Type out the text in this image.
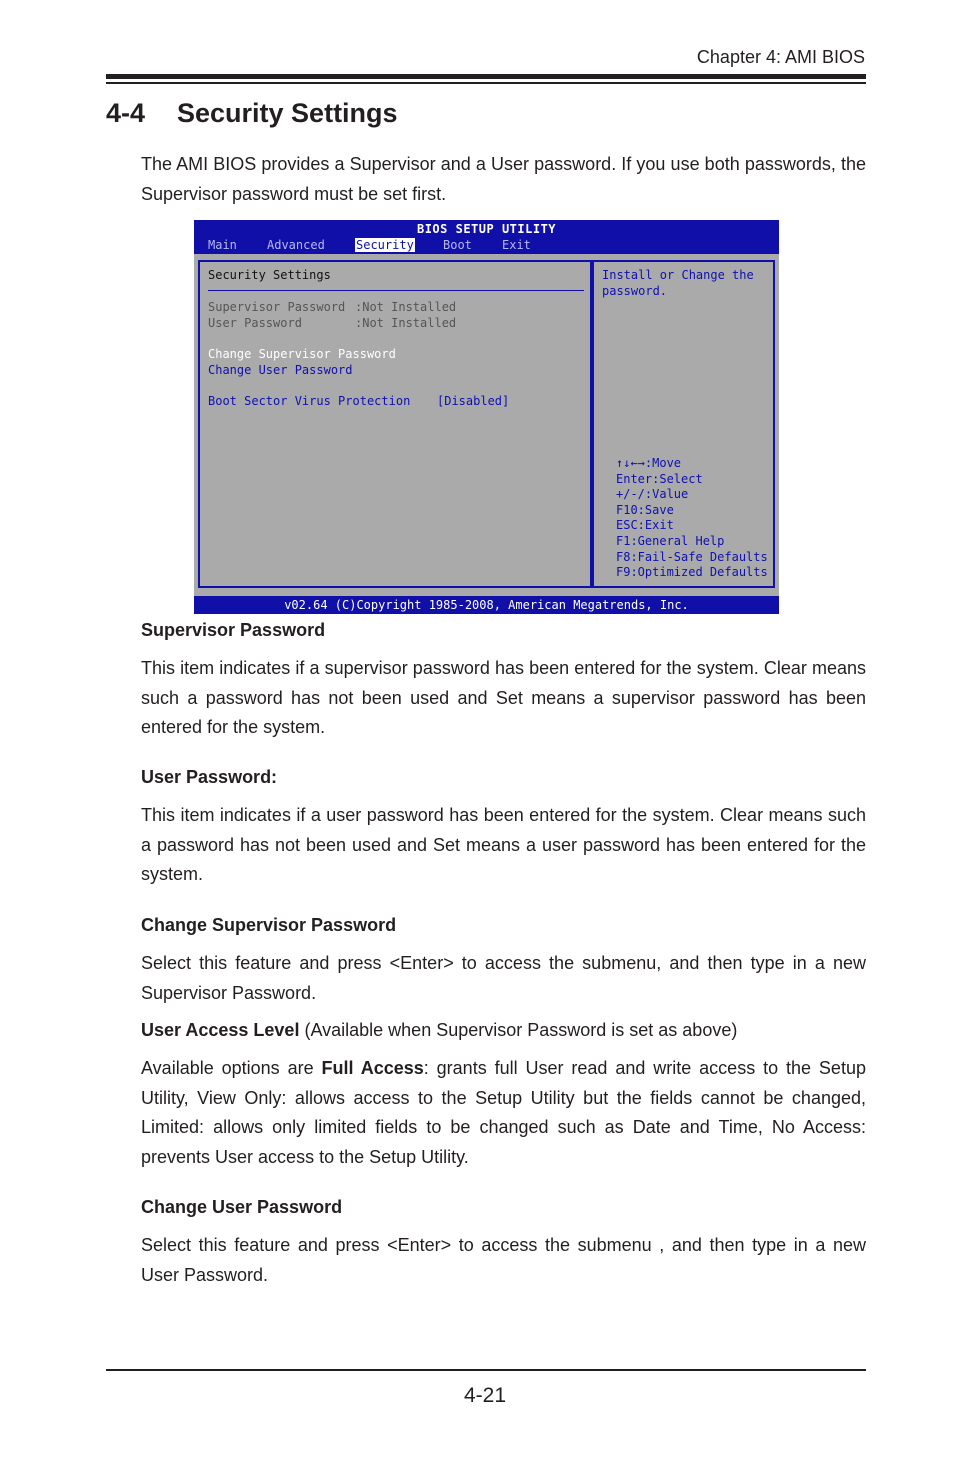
Chapter 4: AMI BIOS
4-4 Security Settings
The AMI BIOS provides a Supervisor and a User password. If you use both passwords, the Supervisor password must be set first.
BIOS SETUP UTILITY
Main	Advanced	Security Boot	Exit
Security Settings
Supervisor Password :Not Installed
User Password	:Not Installed
Change Supervisor Password
Change User Password
Boot Sector Virus Protection [Disabled]
Install or Change the
password.
↑↓←→:Move
Enter:Select
+/-/:Value
F10:Save
ESC:Exit
F1:General Help
F8:Fail-Safe Defaults
F9:Optimized Defaults
v02.64 (C)Copyright 1985-2008, American Megatrends, Inc.
Supervisor Password
This item indicates if a supervisor password has been entered for the system. Clear means such a password has not been used and Set means a supervisor password has been entered for the system.
User Password:
This item indicates if a user password has been entered for the system. Clear means such a password has not been used and Set means a user password has been entered for the system.
Change Supervisor Password
Select this feature and press <Enter> to access the submenu, and then type in a new Supervisor Password.
User Access Level (Available when Supervisor Password is set as above)
Available options are Full Access: grants full User read and write access to the Setup Utility, View Only: allows access to the Setup Utility but the fields cannot be changed, Limited: allows only limited fields to be changed such as Date and Time, No Access: prevents User access to the Setup Utility.
Change User Password
Select this feature and press <Enter> to access the submenu , and then type in a new User Password.
4-21
